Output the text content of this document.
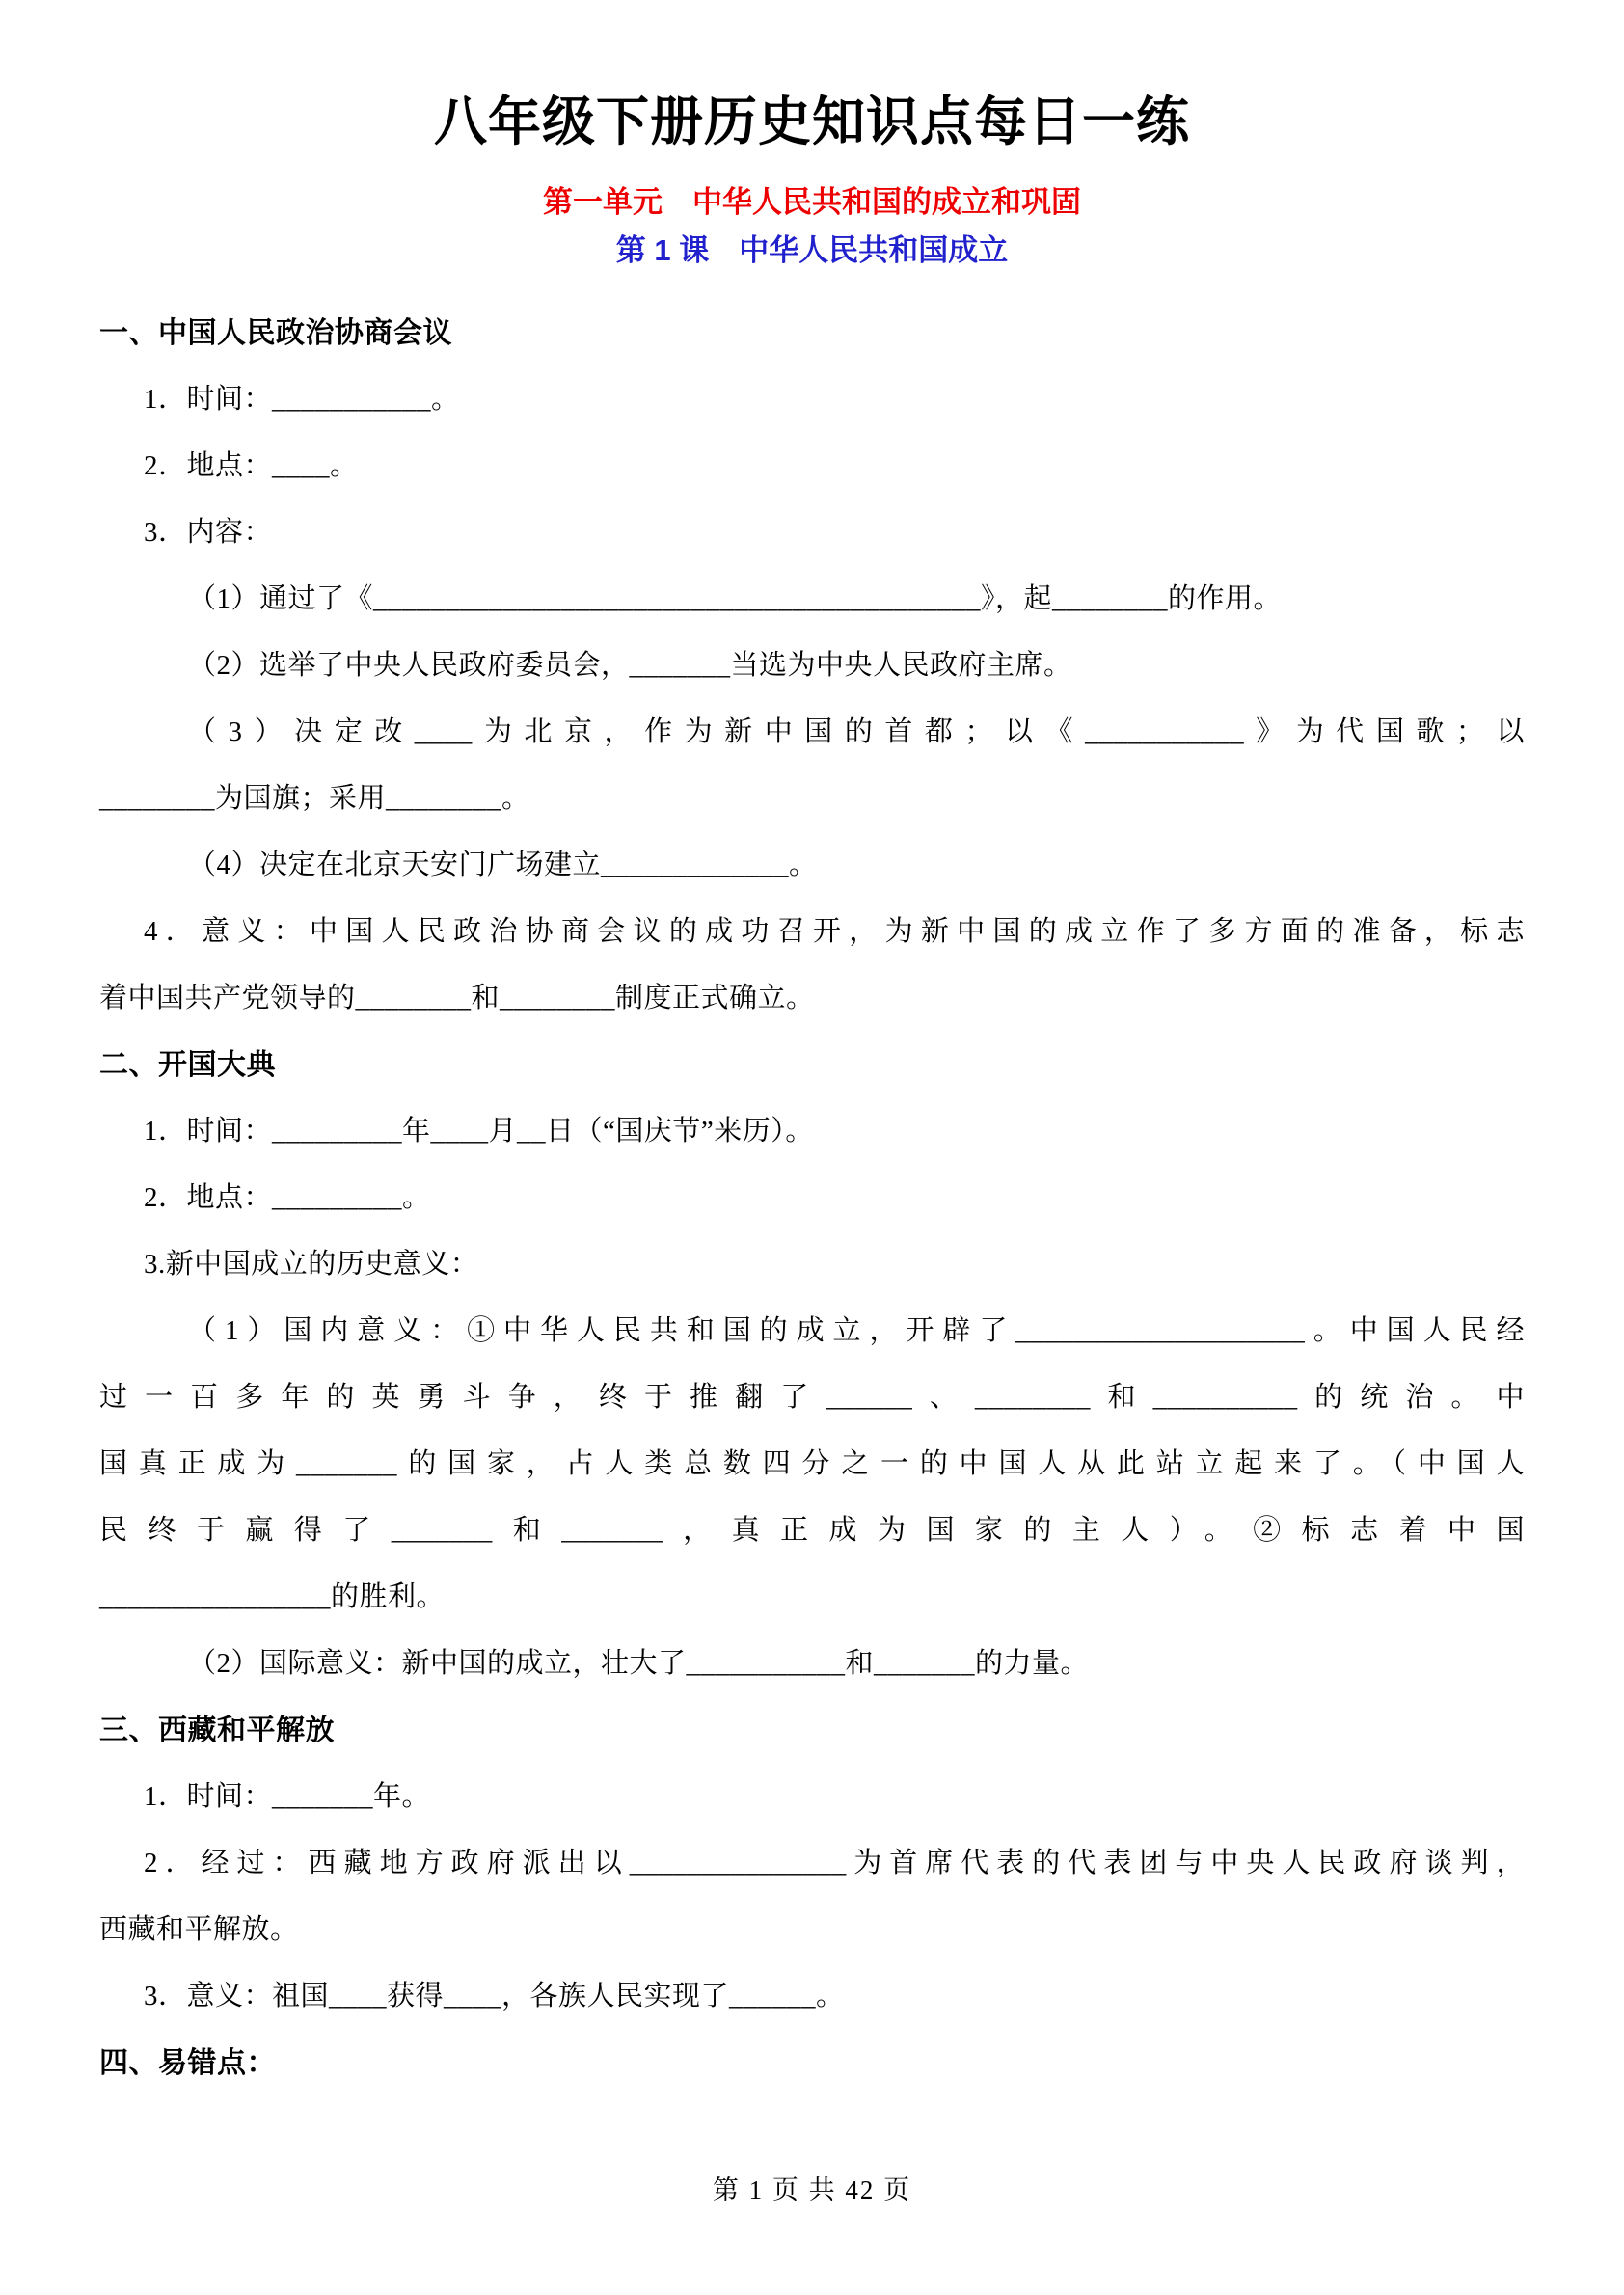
八年级下册历史知识点每日一练
第一单元　中华人民共和国的成立和巩固
第 1 课　中华人民共和国成立
一、中国人民政治协商会议
1．时间：___________。
2．地点：____。
3．内容：
（1）通过了《__________________________________________》，起________的作用。
（2）选举了中央人民政府委员会，_______当选为中央人民政府主席。
（3）决定改____为北京，作为新中国的首都；以《___________》为代国歌；以
________为国旗；采用________。
（4）决定在北京天安门广场建立_____________。
4．意义：中国人民政治协商会议的成功召开，为新中国的成立作了多方面的准备，标志
着中国共产党领导的________和________制度正式确立。
二、开国大典
1．时间：_________年____月__日（“国庆节”来历）。
2．地点：_________。
3.新中国成立的历史意义：
（1）国内意义：①中华人民共和国的成立，开辟了____________________。中国人民经
过一百多年的英勇斗争，终于推翻了______、________和__________的统治。中
国真正成为_______的国家，占人类总数四分之一的中国人从此站立起来了。（中国人
民终于赢得了_______和_______，真正成为国家的主人）。②标志着中国
________________的胜利。
（2）国际意义：新中国的成立，壮大了___________和_______的力量。
三、西藏和平解放
1．时间：_______年。
2．经过：西藏地方政府派出以_______________为首席代表的代表团与中央人民政府谈判，
西藏和平解放。
3．意义：祖国____获得____，各族人民实现了______。
四、易错点：
第 1 页 共 42 页
